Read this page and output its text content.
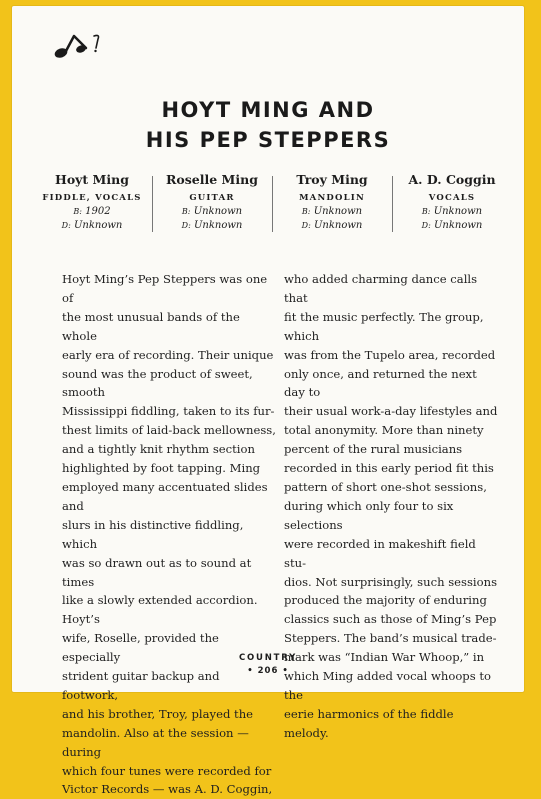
HOYT MING AND
HIS PEP STEPPERS
Hoyt Ming
FIDDLE, VOCALS
B: 1902
D: Unknown
Roselle Ming
GUITAR
B: Unknown
D: Unknown
Troy Ming
MANDOLIN
B: Unknown
D: Unknown
A. D. Coggin
VOCALS
B: Unknown
D: Unknown

Hoyt Ming’s Pep Steppers was one of
the most unusual bands of the whole
early era of recording. Their unique
sound was the product of sweet, smooth
Mississippi fiddling, taken to its fur-
thest limits of laid-back mellowness,
and a tightly knit rhythm section
highlighted by foot tapping. Ming
employed many accentuated slides and
slurs in his distinctive fiddling, which
was so drawn out as to sound at times
like a slowly extended accordion. Hoyt’s
wife, Roselle, provided the especially
strident guitar backup and footwork,
and his brother, Troy, played the
mandolin. Also at the session — during
which four tunes were recorded for
Victor Records — was A. D. Coggin,

who added charming dance calls that
fit the music perfectly. The group, which
was from the Tupelo area, recorded
only once, and returned the next day to
their usual work-a-day lifestyles and
total anonymity. More than ninety
percent of the rural musicians
recorded in this early period fit this
pattern of short one-shot sessions,
during which only four to six selections
were recorded in makeshift field stu-
dios. Not surprisingly, such sessions
produced the majority of enduring
classics such as those of Ming’s Pep
Steppers. The band’s musical trade-
mark was “Indian War Whoop,” in
which Ming added vocal whoops to the
eerie harmonics of the fiddle melody.

COUNTRY
• 206 •
